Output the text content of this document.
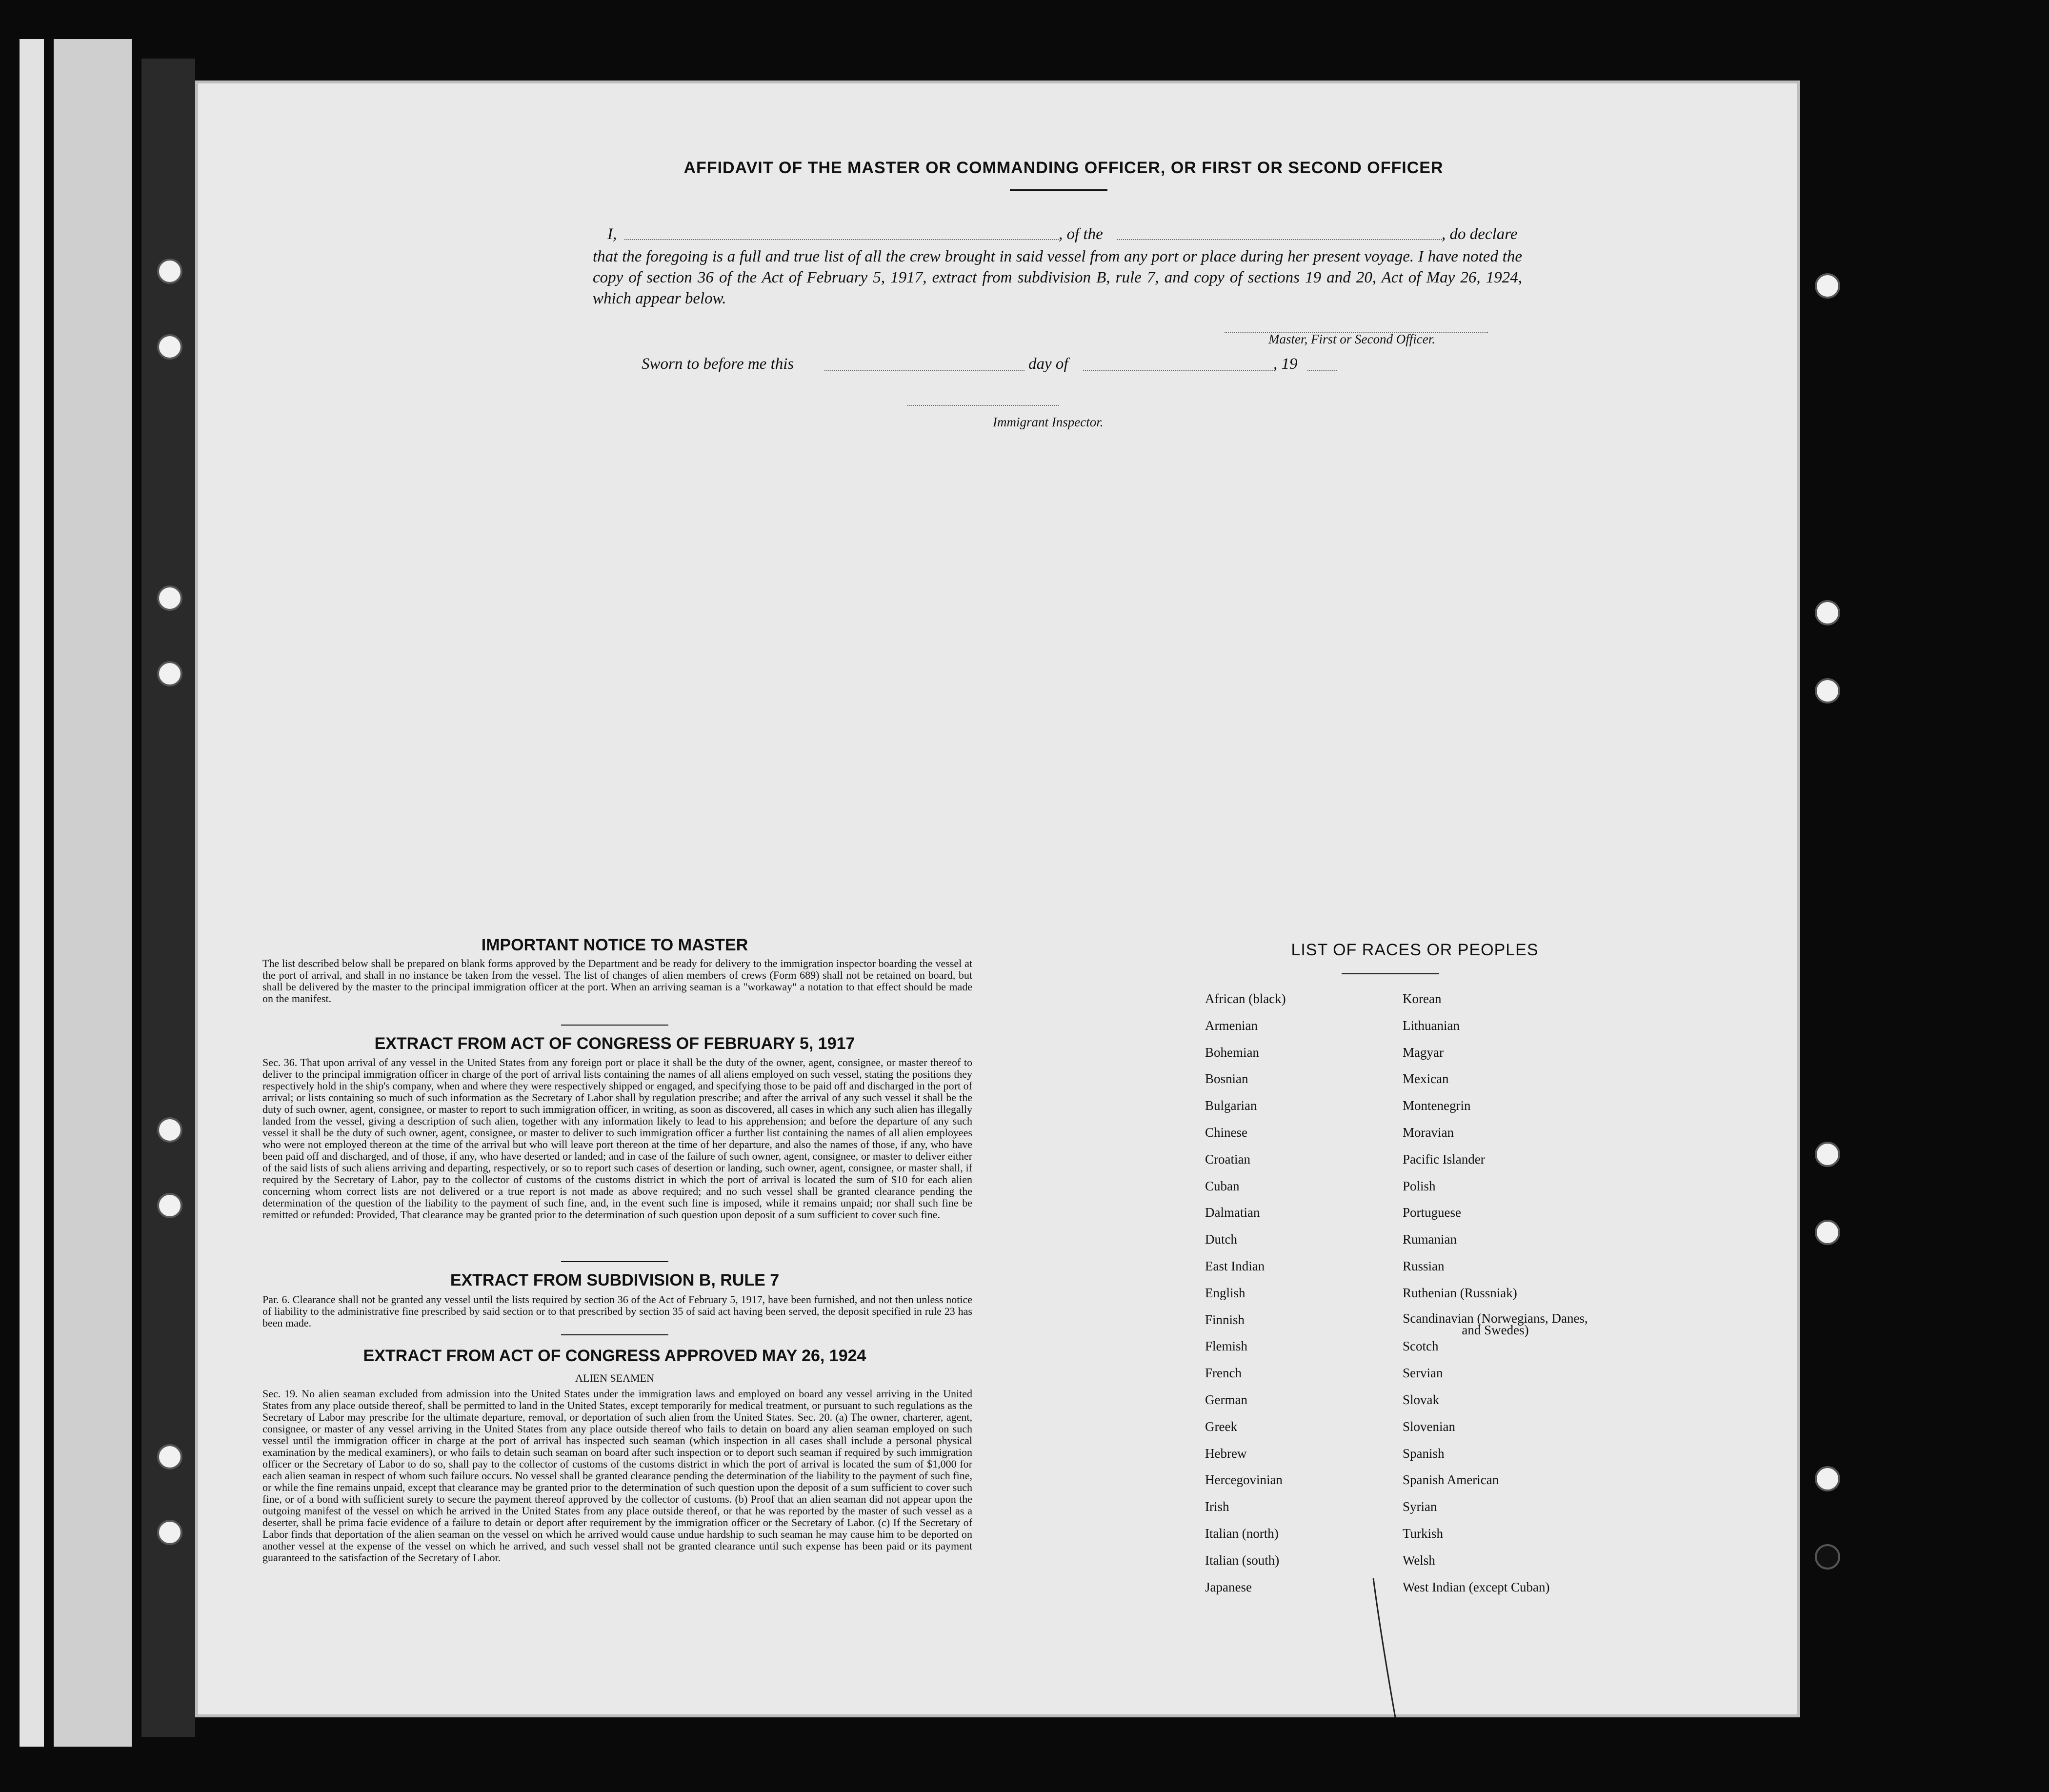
AFFIDAVIT OF THE MASTER OR COMMANDING OFFICER, OR FIRST OR SECOND OFFICER
I,	, of the	, do declare
that the foregoing is a full and true list of all the crew brought in said vessel from any port or place during her present voyage. I have noted the copy of section 36 of the Act of February 5, 1917, extract from subdivision B, rule 7, and copy of sections 19 and 20, Act of May 26, 1924, which appear below.
Master, First or Second Officer.
Sworn to before me this	day of	, 19
Immigrant Inspector.
IMPORTANT NOTICE TO MASTER
The list described below shall be prepared on blank forms approved by the Department and be ready for delivery to the immigration inspector boarding the vessel at the port of arrival, and shall in no instance be taken from the vessel. The list of changes of alien members of crews (Form 689) shall not be retained on board, but shall be delivered by the master to the principal immigration officer at the port. When an arriving seaman is a "workaway" a notation to that effect should be made on the manifest.
EXTRACT FROM ACT OF CONGRESS OF FEBRUARY 5, 1917
Sec. 36. That upon arrival of any vessel in the United States from any foreign port or place it shall be the duty of the owner, agent, consignee, or master thereof to deliver to the principal immigration officer in charge of the port of arrival lists containing the names of all aliens employed on such vessel, stating the positions they respectively hold in the ship's company, when and where they were respectively shipped or engaged, and specifying those to be paid off and discharged in the port of arrival; or lists containing so much of such information as the Secretary of Labor shall by regulation prescribe; and after the arrival of any such vessel it shall be the duty of such owner, agent, consignee, or master to report to such immigration officer, in writing, as soon as discovered, all cases in which any such alien has illegally landed from the vessel, giving a description of such alien, together with any information likely to lead to his apprehension; and before the departure of any such vessel it shall be the duty of such owner, agent, consignee, or master to deliver to such immigration officer a further list containing the names of all alien employees who were not employed thereon at the time of the arrival but who will leave port thereon at the time of her departure, and also the names of those, if any, who have been paid off and discharged, and of those, if any, who have deserted or landed; and in case of the failure of such owner, agent, consignee, or master to deliver either of the said lists of such aliens arriving and departing, respectively, or so to report such cases of desertion or landing, such owner, agent, consignee, or master shall, if required by the Secretary of Labor, pay to the collector of customs of the customs district in which the port of arrival is located the sum of $10 for each alien concerning whom correct lists are not delivered or a true report is not made as above required; and no such vessel shall be granted clearance pending the determination of the question of the liability to the payment of such fine, and, in the event such fine is imposed, while it remains unpaid; nor shall such fine be remitted or refunded: Provided, That clearance may be granted prior to the determination of such question upon deposit of a sum sufficient to cover such fine.
EXTRACT FROM SUBDIVISION B, RULE 7
Par. 6. Clearance shall not be granted any vessel until the lists required by section 36 of the Act of February 5, 1917, have been furnished, and not then unless notice of liability to the administrative fine prescribed by said section or to that prescribed by section 35 of said act having been served, the deposit specified in rule 23 has been made.
EXTRACT FROM ACT OF CONGRESS APPROVED MAY 26, 1924
ALIEN SEAMEN
Sec. 19. No alien seaman excluded from admission into the United States under the immigration laws and employed on board any vessel arriving in the United States from any place outside thereof, shall be permitted to land in the United States, except temporarily for medical treatment, or pursuant to such regulations as the Secretary of Labor may prescribe for the ultimate departure, removal, or deportation of such alien from the United States. Sec. 20. (a) The owner, charterer, agent, consignee, or master of any vessel arriving in the United States from any place outside thereof who fails to detain on board any alien seaman employed on such vessel until the immigration officer in charge at the port of arrival has inspected such seaman (which inspection in all cases shall include a personal physical examination by the medical examiners), or who fails to detain such seaman on board after such inspection or to deport such seaman if required by such immigration officer or the Secretary of Labor to do so, shall pay to the collector of customs of the customs district in which the port of arrival is located the sum of $1,000 for each alien seaman in respect of whom such failure occurs. No vessel shall be granted clearance pending the determination of the liability to the payment of such fine, or while the fine remains unpaid, except that clearance may be granted prior to the determination of such question upon the deposit of a sum sufficient to cover such fine, or of a bond with sufficient surety to secure the payment thereof approved by the collector of customs. (b) Proof that an alien seaman did not appear upon the outgoing manifest of the vessel on which he arrived in the United States from any place outside thereof, or that he was reported by the master of such vessel as a deserter, shall be prima facie evidence of a failure to detain or deport after requirement by the immigration officer or the Secretary of Labor. (c) If the Secretary of Labor finds that deportation of the alien seaman on the vessel on which he arrived would cause undue hardship to such seaman he may cause him to be deported on another vessel at the expense of the vessel on which he arrived, and such vessel shall not be granted clearance until such expense has been paid or its payment guaranteed to the satisfaction of the Secretary of Labor.
LIST OF RACES OR PEOPLES
African (black)
Armenian
Bohemian
Bosnian
Bulgarian
Chinese
Croatian
Cuban
Dalmatian
Dutch
East Indian
English
Finnish
Flemish
French
German
Greek
Hebrew
Hercegovinian
Irish
Italian (north)
Italian (south)
Japanese
Korean
Lithuanian
Magyar
Mexican
Montenegrin
Moravian
Pacific Islander
Polish
Portuguese
Rumanian
Russian
Ruthenian (Russniak)
Scandinavian (Norwegians, Danes, and Swedes)
Scotch
Servian
Slovak
Slovenian
Spanish
Spanish American
Syrian
Turkish
Welsh
West Indian (except Cuban)
